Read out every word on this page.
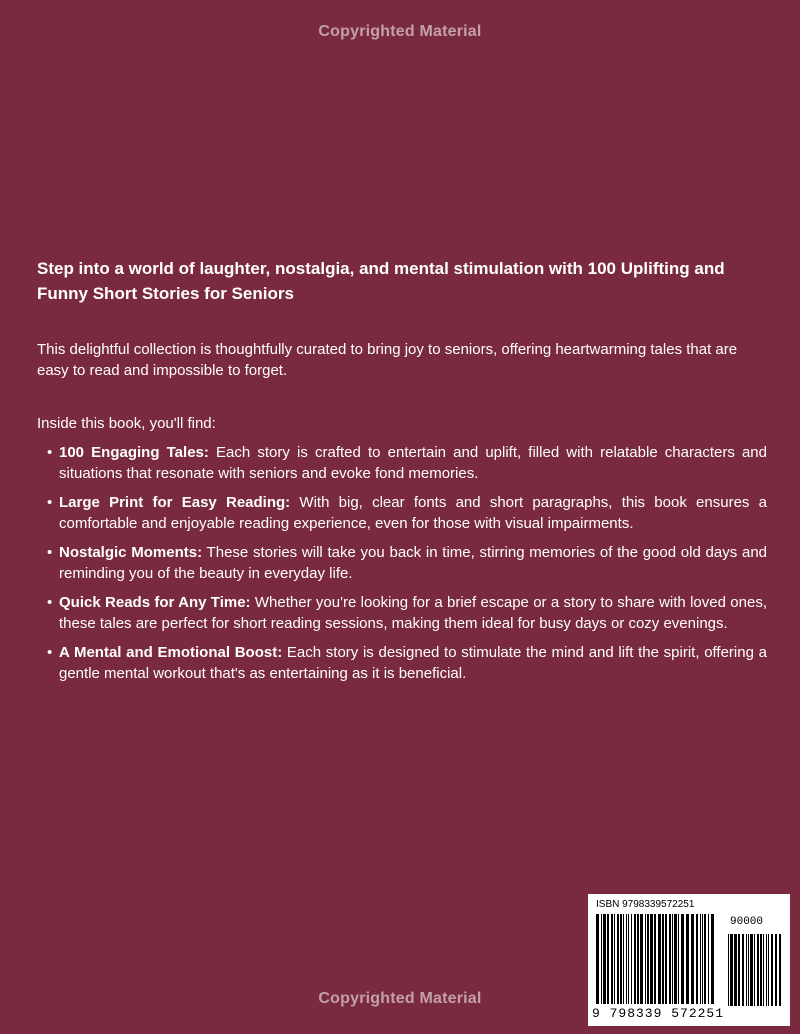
Copyrighted Material
Step into a world of laughter, nostalgia, and mental stimulation with 100 Uplifting and Funny Short Stories for Seniors
This delightful collection is thoughtfully curated to bring joy to seniors, offering heartwarming tales that are easy to read and impossible to forget.
Inside this book, you'll find:
• 100 Engaging Tales: Each story is crafted to entertain and uplift, filled with relatable characters and situations that resonate with seniors and evoke fond memories.
• Large Print for Easy Reading: With big, clear fonts and short paragraphs, this book ensures a comfortable and enjoyable reading experience, even for those with visual impairments.
• Nostalgic Moments: These stories will take you back in time, stirring memories of the good old days and reminding you of the beauty in everyday life.
• Quick Reads for Any Time: Whether you're looking for a brief escape or a story to share with loved ones, these tales are perfect for short reading sessions, making them ideal for busy days or cozy evenings.
• A Mental and Emotional Boost: Each story is designed to stimulate the mind and lift the spirit, offering a gentle mental workout that's as entertaining as it is beneficial.
ISBN 9798339572251
90000
9 798339 572251
Copyrighted Material
